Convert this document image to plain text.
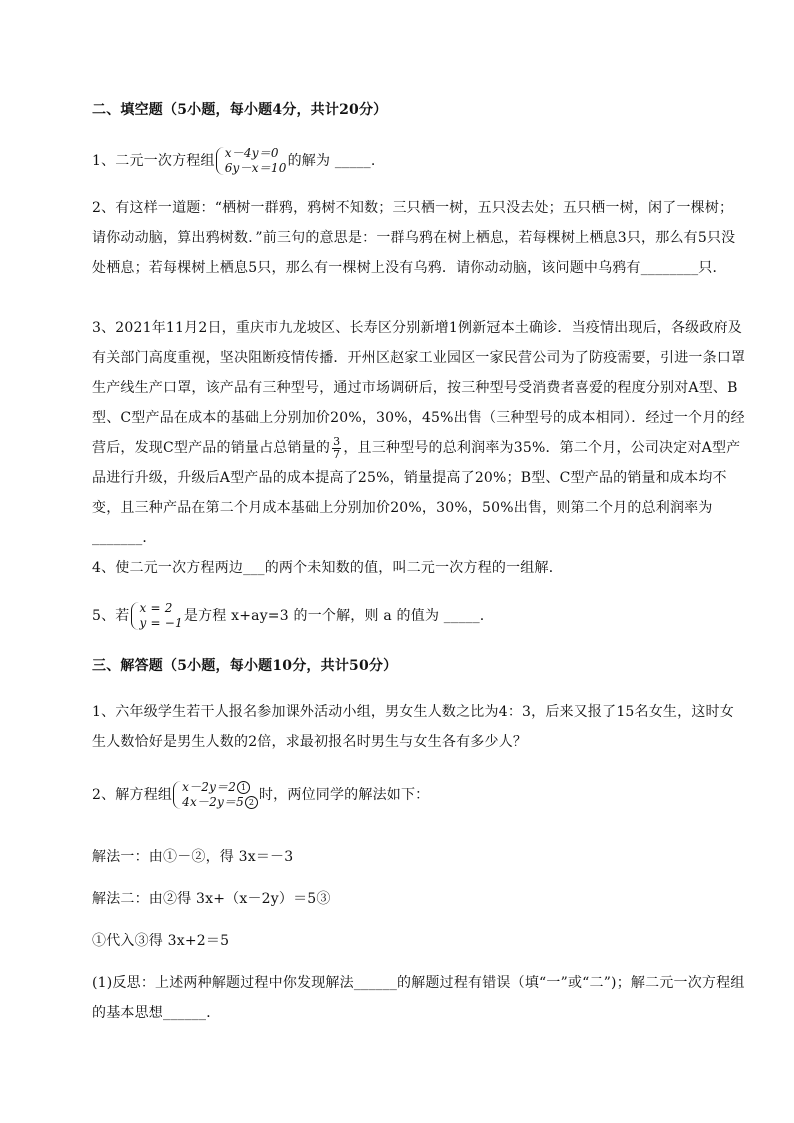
二、填空题（5小题，每小题4分，共计20分）
1、二元一次方程组 x－4y＝0
6y－x＝10 的解为 _____.
2、有这样一道题：“栖树一群鸦，鸦树不知数；三只栖一树，五只没去处；五只栖一树，闲了一棵树；请你动动脑，算出鸦树数．”前三句的意思是：一群乌鸦在树上栖息，若每棵树上栖息3只，那么有5只没处栖息；若每棵树上栖息5只，那么有一棵树上没有乌鸦．请你动动脑，该问题中乌鸦有________只．
3、2021年11月2日，重庆市九龙坡区、长寿区分别新增1例新冠本土确诊．当疫情出现后，各级政府及有关部门高度重视，坚决阻断疫情传播．开州区赵家工业园区一家民营公司为了防疫需要，引进一条口罩生产线生产口罩，该产品有三种型号，通过市场调研后，按三种型号受消费者喜爱的程度分别对A型、B型、C型产品在成本的基础上分别加价20%，30%，45%出售（三种型号的成本相同）．经过一个月的经营后，发现C型产品的销量占总销量的 $\frac{3}{7}$ ，且三种型号的总利润率为35%．第二个月，公司决定对A型产品进行升级，升级后A型产品的成本提高了25%，销量提高了20%；B型、C型产品的销量和成本均不变，且三种产品在第二个月成本基础上分别加价20%，30%，50%出售，则第二个月的总利润率为_______．
4、使二元一次方程两边___的两个未知数的值，叫二元一次方程的一组解．
5、若 x = 2
y = −1 是方程 x+ay=3 的一个解，则 a 的值为 _____.
三、解答题（5小题，每小题10分，共计50分）
1、六年级学生若干人报名参加课外活动小组，男女生人数之比为4：3，后来又报了15名女生，这时女生人数恰好是男生人数的2倍，求最初报名时男生与女生各有多少人？
2、解方程组 x－2y＝2 1
4x－2y＝5 2 时，两位同学的解法如下：
解法一：由①－②，得 3x＝－3
解法二：由②得 3x+（x－2y）＝5③
①代入③得 3x+2＝5
(1)反思：上述两种解题过程中你发现解法______的解题过程有错误（填“一”或“二”)；解二元一次方程组的基本思想______．
